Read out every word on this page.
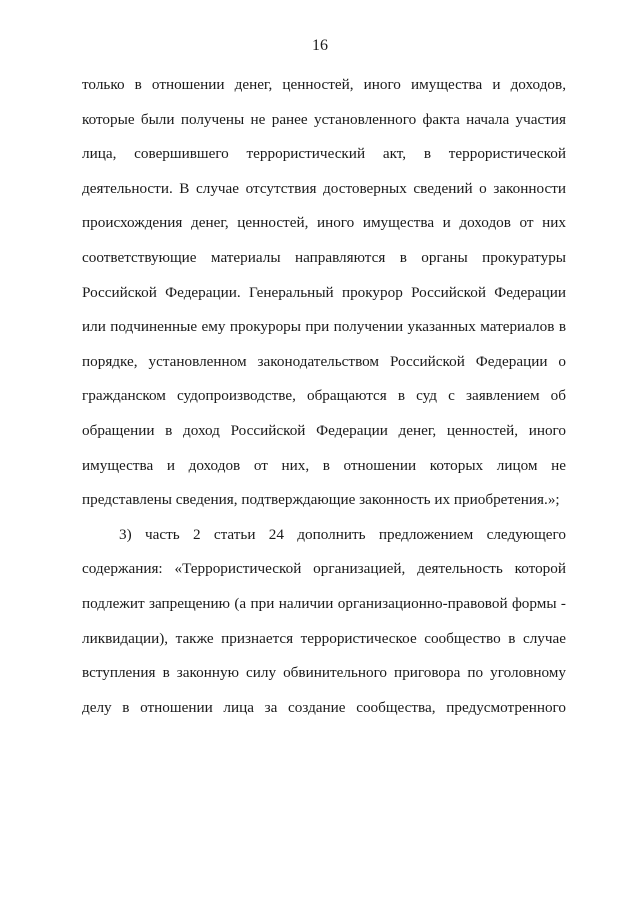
16
только в отношении денег, ценностей, иного имущества и доходов,
которые были получены не ранее установленного факта начала участия
лица, совершившего террористический акт, в террористической
деятельности. В случае отсутствия достоверных сведений о законности
происхождения денег, ценностей, иного имущества и доходов от них
соответствующие материалы направляются в органы прокуратуры
Российской Федерации. Генеральный прокурор Российской Федерации
или подчиненные ему прокуроры при получении указанных материалов в
порядке, установленном законодательством Российской Федерации о
гражданском судопроизводстве, обращаются в суд с заявлением об
обращении в доход Российской Федерации денег, ценностей, иного
имущества и доходов от них, в отношении которых лицом не
представлены сведения, подтверждающие законность их приобретения.»;
3) часть 2 статьи 24 дополнить предложением следующего
содержания: «Террористической организацией, деятельность которой
подлежит запрещению (а при наличии организационно-правовой формы -
ликвидации), также признается террористическое сообщество в случае
вступления в законную силу обвинительного приговора по уголовному
делу в отношении лица за создание сообщества, предусмотренного
